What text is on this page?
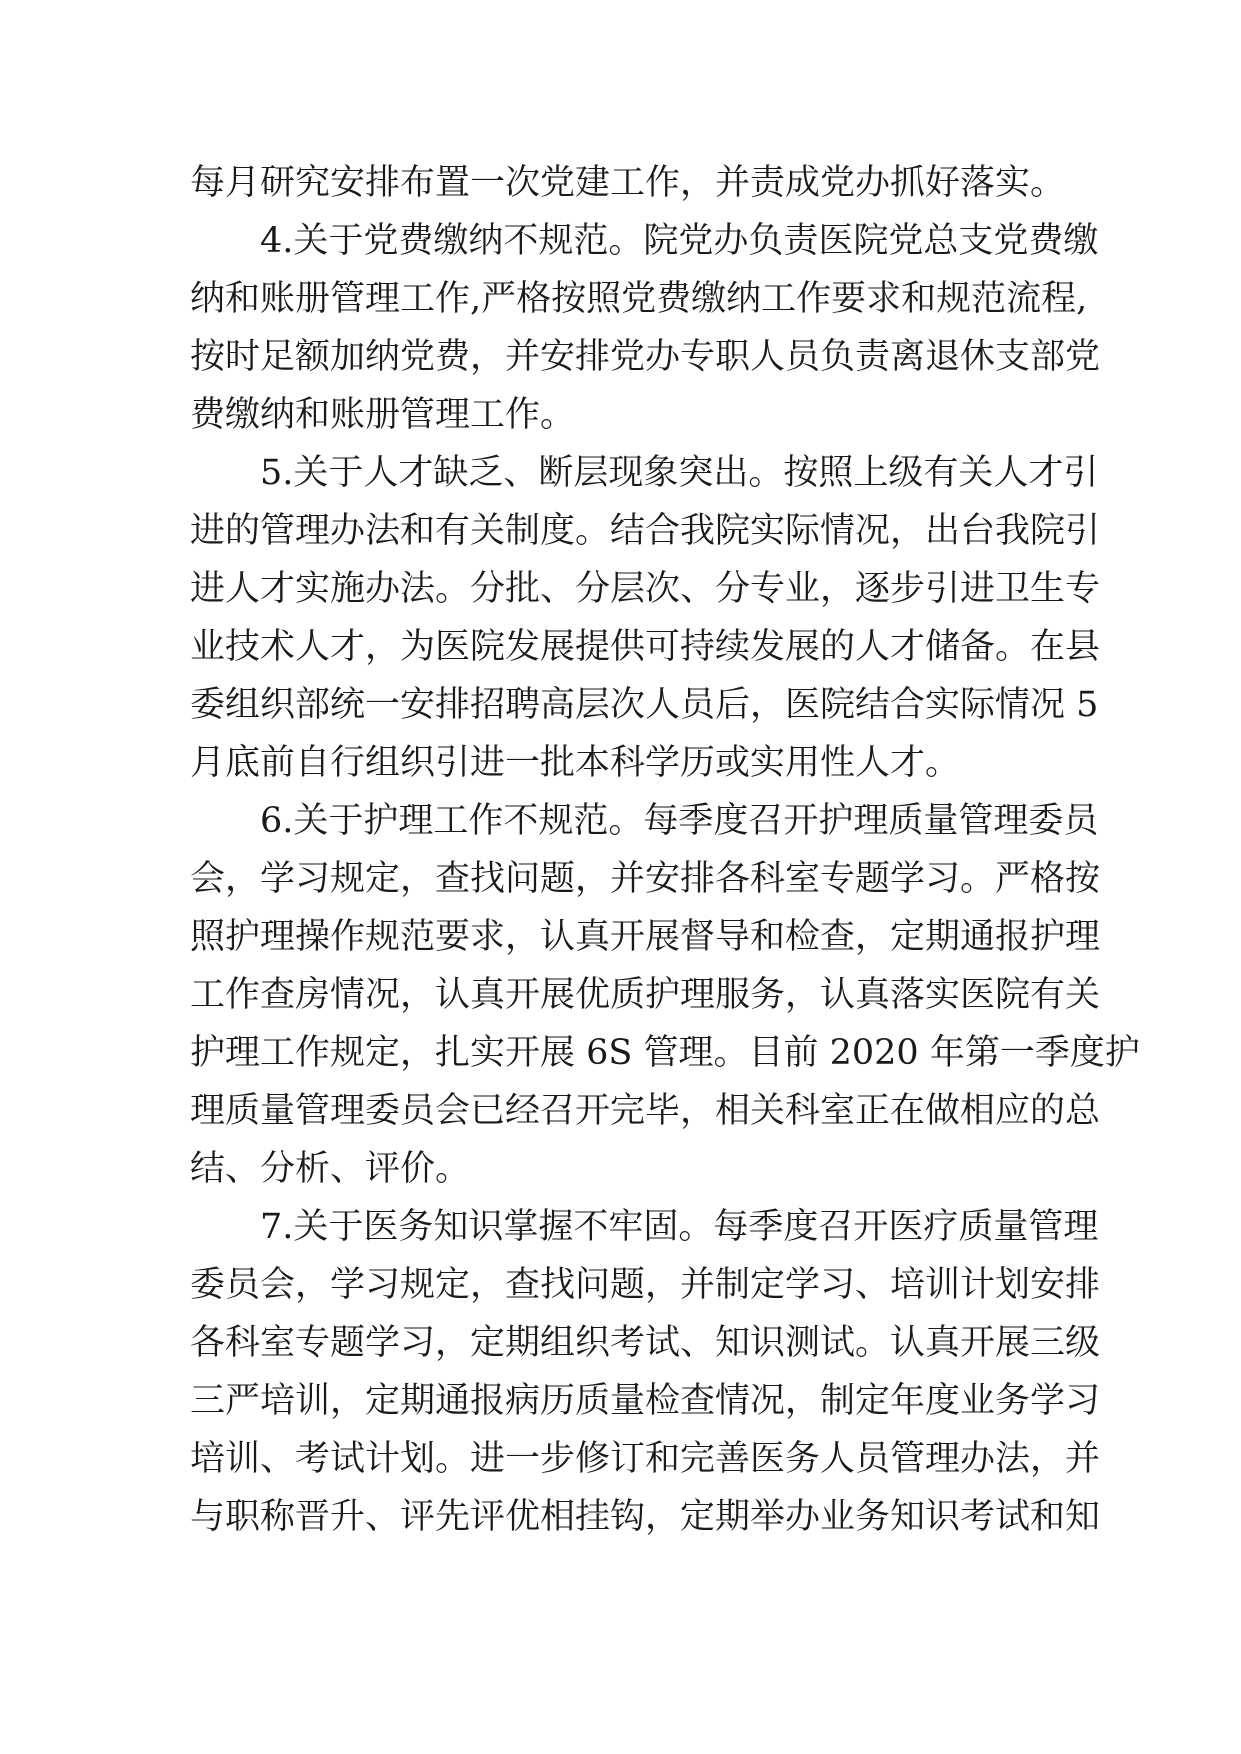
每月研究安排布置一次党建工作，并责成党办抓好落实。
4.关于党费缴纳不规范。院党办负责医院党总支党费缴
纳和账册管理工作,严格按照党费缴纳工作要求和规范流程,
按时足额加纳党费，并安排党办专职人员负责离退休支部党
费缴纳和账册管理工作。
5.关于人才缺乏、断层现象突出。按照上级有关人才引
进的管理办法和有关制度。结合我院实际情况，出台我院引
进人才实施办法。分批、分层次、分专业，逐步引进卫生专
业技术人才，为医院发展提供可持续发展的人才储备。在县
委组织部统一安排招聘高层次人员后，医院结合实际情况 5
月底前自行组织引进一批本科学历或实用性人才。
6.关于护理工作不规范。每季度召开护理质量管理委员
会，学习规定，查找问题，并安排各科室专题学习。严格按
照护理操作规范要求，认真开展督导和检查，定期通报护理
工作查房情况，认真开展优质护理服务，认真落实医院有关
护理工作规定，扎实开展 6S 管理。目前 2020 年第一季度护
理质量管理委员会已经召开完毕，相关科室正在做相应的总
结、分析、评价。
7.关于医务知识掌握不牢固。每季度召开医疗质量管理
委员会，学习规定，查找问题，并制定学习、培训计划安排
各科室专题学习，定期组织考试、知识测试。认真开展三级
三严培训，定期通报病历质量检查情况，制定年度业务学习
培训、考试计划。进一步修订和完善医务人员管理办法，并
与职称晋升、评先评优相挂钩，定期举办业务知识考试和知
